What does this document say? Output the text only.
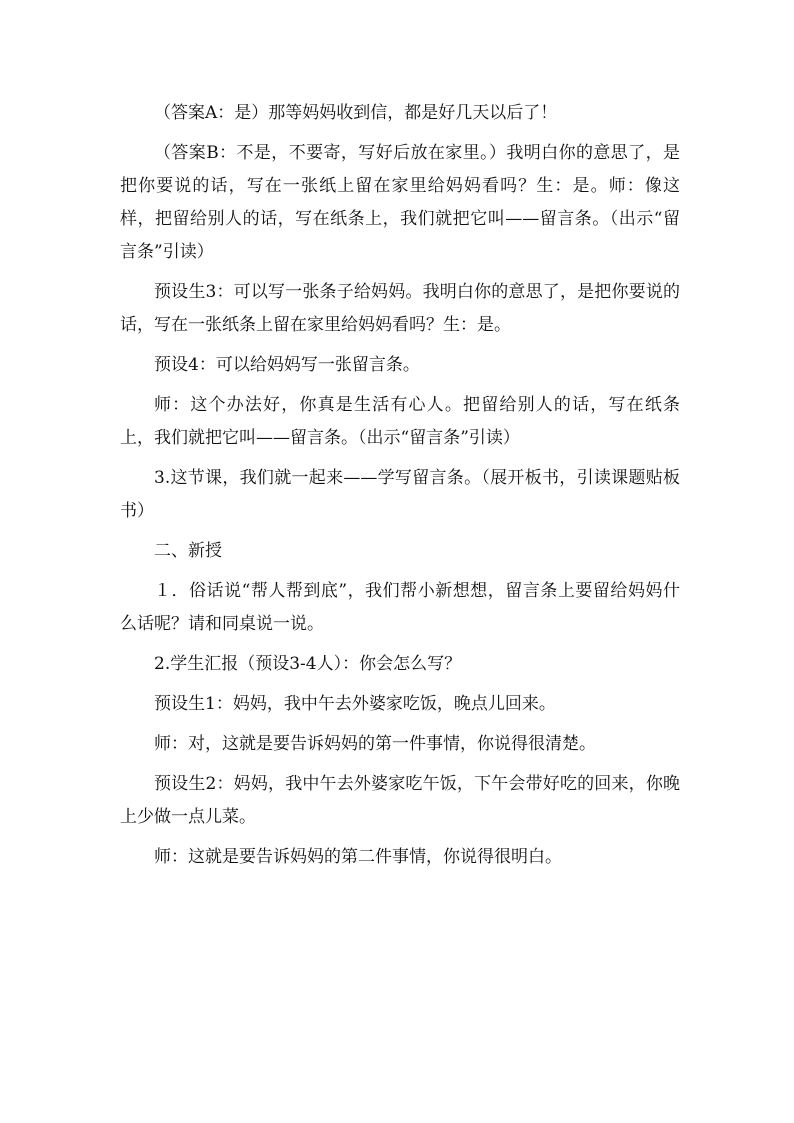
（答案A：是）那等妈妈收到信，都是好几天以后了！

（答案B：不是，不要寄，写好后放在家里。）我明白你的意思了，是把你要说的话，写在一张纸上留在家里给妈妈看吗？生：是。师：像这样，把留给别人的话，写在纸条上，我们就把它叫——留言条。（出示“留言条”引读）

预设生3：可以写一张条子给妈妈。我明白你的意思了，是把你要说的话，写在一张纸条上留在家里给妈妈看吗？生：是。

预设4：可以给妈妈写一张留言条。

师：这个办法好，你真是生活有心人。把留给别人的话，写在纸条上，我们就把它叫——留言条。（出示“留言条”引读）

3.这节课，我们就一起来——学写留言条。（展开板书，引读课题贴板书）

二、新授

１．俗话说“帮人帮到底”，我们帮小新想想，留言条上要留给妈妈什么话呢？请和同桌说一说。

2.学生汇报（预设3-4人）：你会怎么写？

预设生1：妈妈，我中午去外婆家吃饭，晚点儿回来。

师：对，这就是要告诉妈妈的第一件事情，你说得很清楚。

预设生2：妈妈，我中午去外婆家吃午饭，下午会带好吃的回来，你晚上少做一点儿菜。

师：这就是要告诉妈妈的第二件事情，你说得很明白。
